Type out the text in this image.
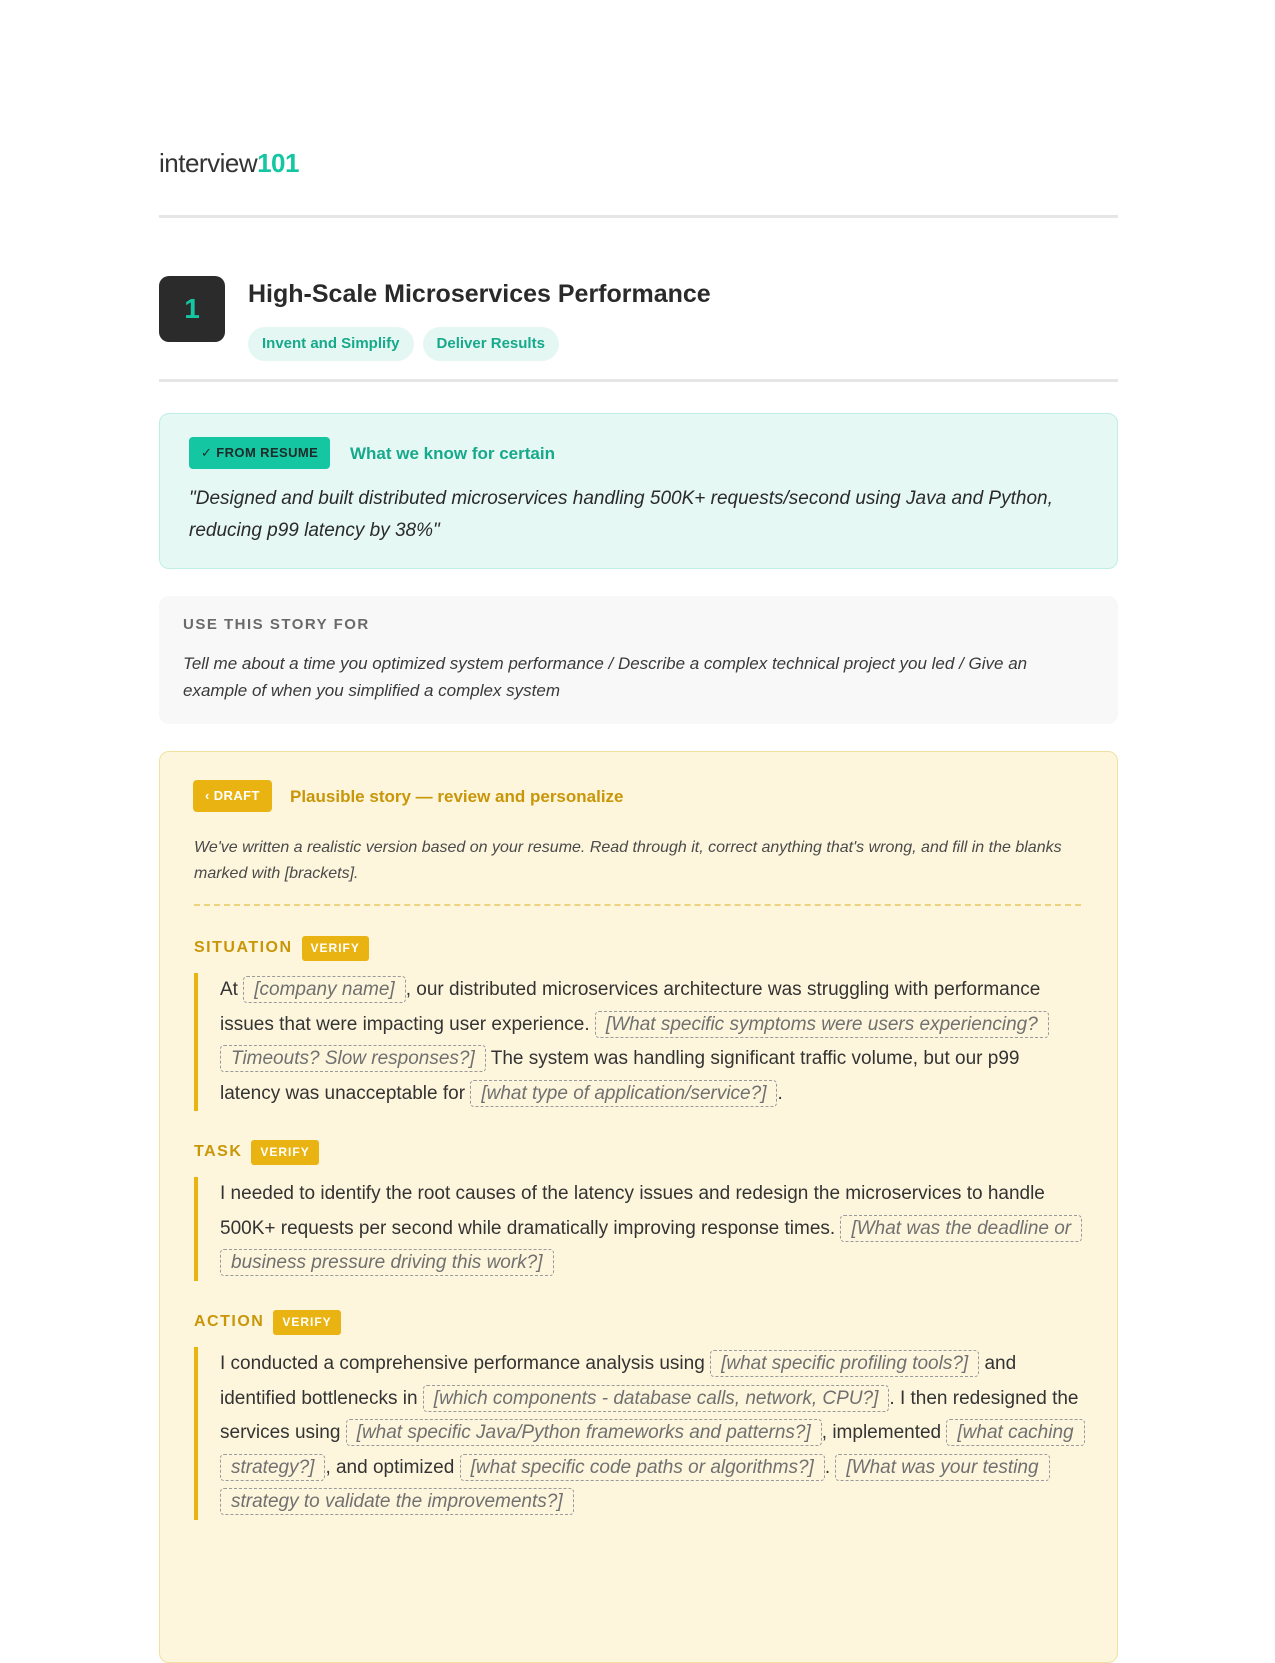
interview101
1	High-Scale Microservices Performance
Invent and Simplify	Deliver Results
✓ FROM RESUME	What we know for certain

"Designed and built distributed microservices handling 500K+ requests/second using Java and Python, reducing p99 latency by 38%"

USE THIS STORY FOR

Tell me about a time you optimized system performance / Describe a complex technical project you led / Give an example of when you simplified a complex system

‹ DRAFT	Plausible story — review and personalize

We've written a realistic version based on your resume. Read through it, correct anything that's wrong, and fill in the blanks marked with [brackets].

SITUATION	VERIFY

At [company name] , our distributed microservices architecture was struggling with performance issues that were impacting user experience. [What specific symptoms were users experiencing? Timeouts? Slow responses?] The system was handling significant traffic volume, but our p99 latency was unacceptable for [what type of application/service?] .

TASK	VERIFY

I needed to identify the root causes of the latency issues and redesign the microservices to handle 500K+ requests per second while dramatically improving response times. [What was the deadline or business pressure driving this work?]

ACTION	VERIFY

I conducted a comprehensive performance analysis using [what specific profiling tools?] and identified bottlenecks in [which components - database calls, network, CPU?] . I then redesigned the services using [what specific Java/Python frameworks and patterns?] , implemented [what caching strategy?] , and optimized [what specific code paths or algorithms?] . [What was your testing strategy to validate the improvements?]
